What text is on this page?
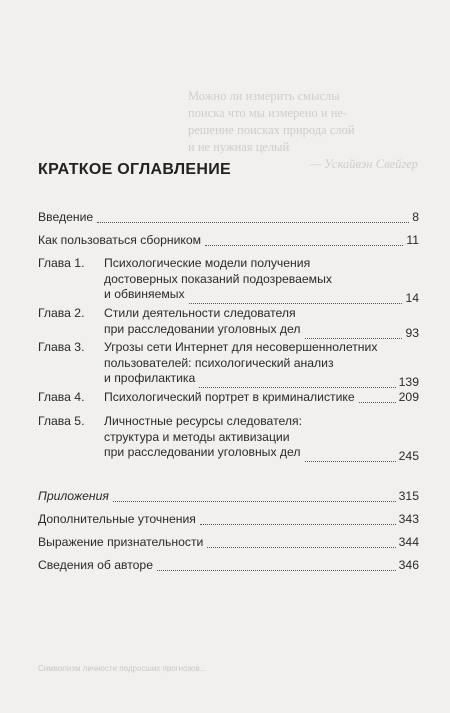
Можно ли измерить смыслы
поиска что мы измерено и не-
решение поисках природа слой
и не нужная целый
— Ускайвэн Свейгер
КРАТКОЕ ОГЛАВЛЕНИЕ
Введение	8
Как пользоваться сборником	11
Глава 1. Психологические модели получения
достоверных показаний подозреваемых
и обвиняемых	14
Глава 2. Стили деятельности следователя
при расследовании уголовных дел	93
Глава 3. Угрозы сети Интернет для несовершеннолетних
пользователей: психологический анализ
и профилактика	139
Глава 4. Психологический портрет в криминалистике	209
Глава 5. Личностные ресурсы следователя:
структура и методы активизации
при расследовании уголовных дел	245
Приложения	315
Дополнительные уточнения	343
Выражение признательности	344
Сведения об авторе	346
Символизм личности подросших прогнозов...
